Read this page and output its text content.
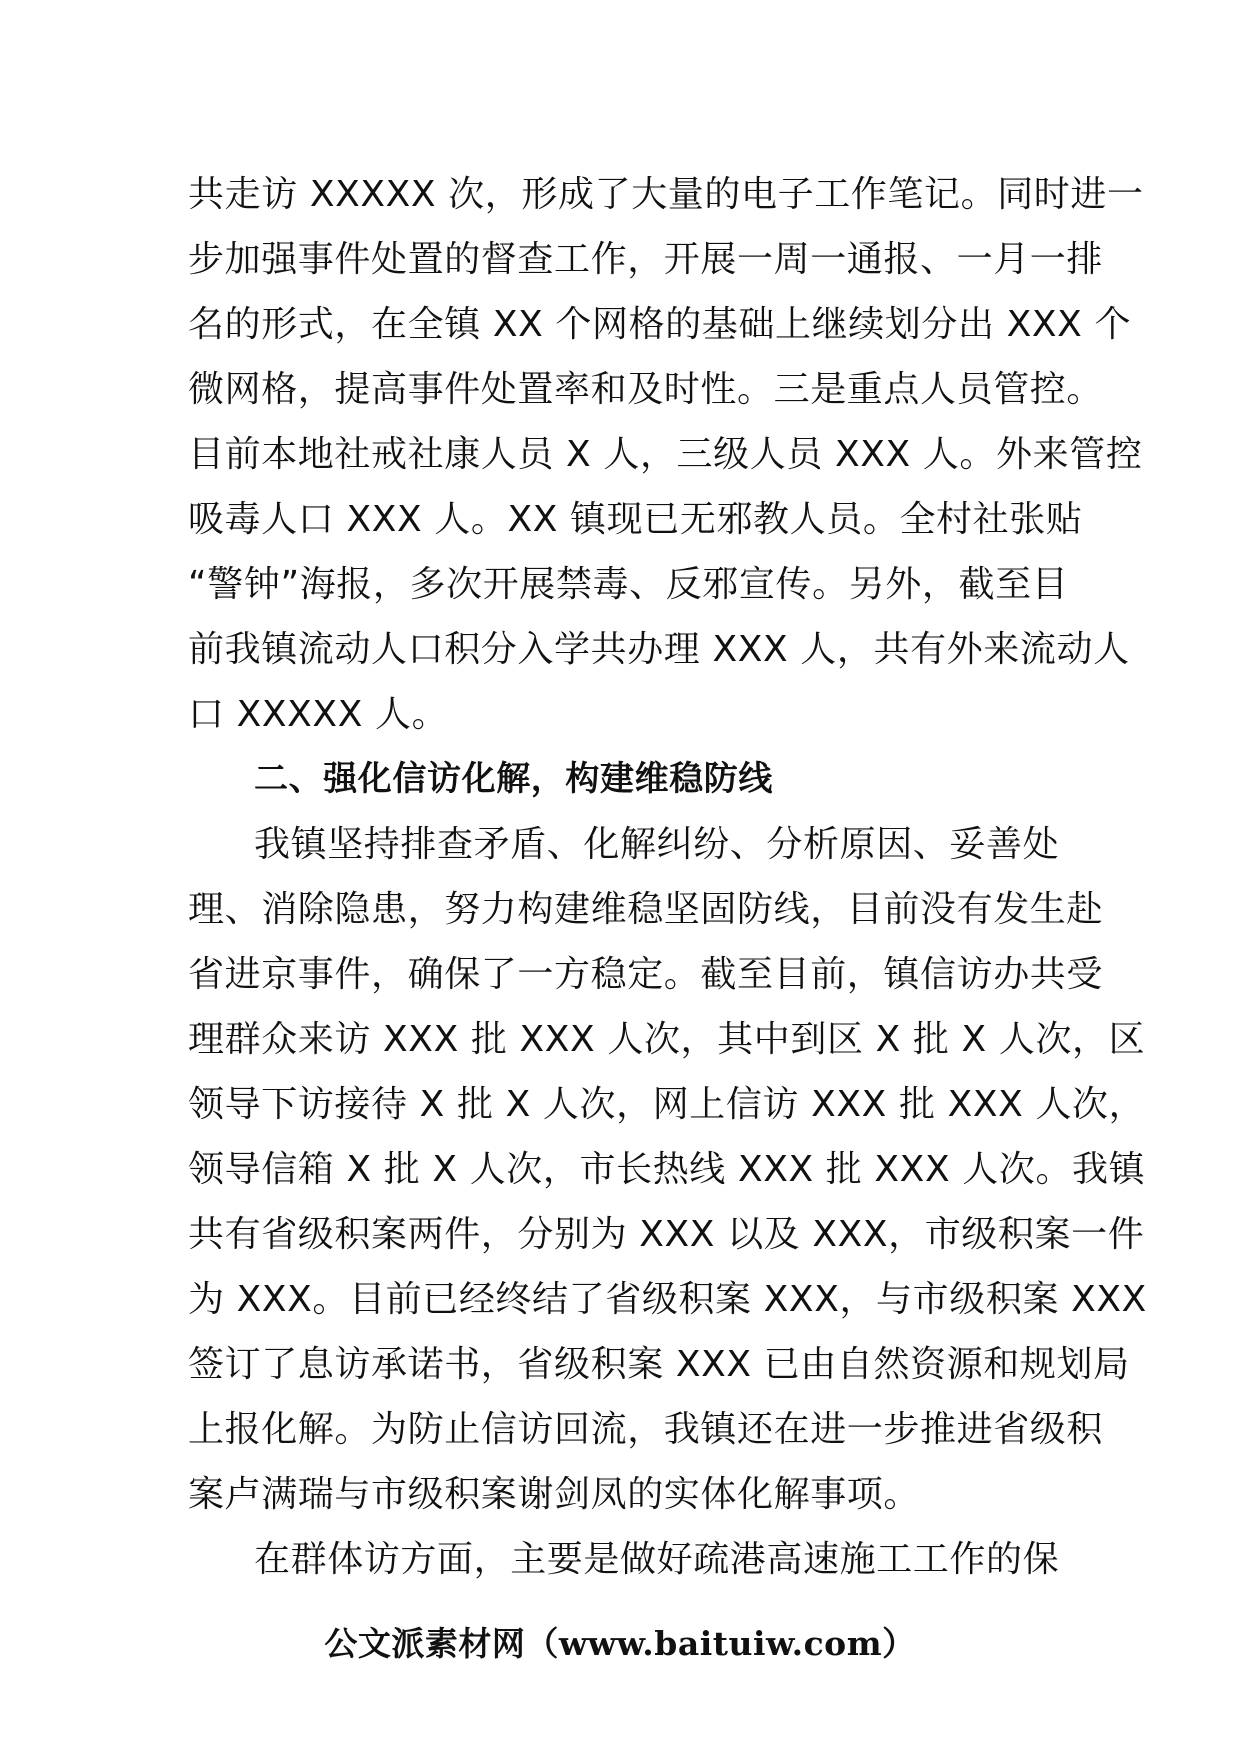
共走访 XXXXX 次，形成了大量的电子工作笔记。同时进一
步加强事件处置的督查工作，开展一周一通报、一月一排
名的形式，在全镇 XX 个网格的基础上继续划分出 XXX 个
微网格，提高事件处置率和及时性。三是重点人员管控。
目前本地社戒社康人员 X 人，三级人员 XXX 人。外来管控
吸毒人口 XXX 人。XX 镇现已无邪教人员。全村社张贴
“警钟”海报，多次开展禁毒、反邪宣传。另外，截至目
前我镇流动人口积分入学共办理 XXX 人，共有外来流动人
口 XXXXX 人。
二、强化信访化解，构建维稳防线
我镇坚持排查矛盾、化解纠纷、分析原因、妥善处
理、消除隐患，努力构建维稳坚固防线，目前没有发生赴
省进京事件，确保了一方稳定。截至目前，镇信访办共受
理群众来访 XXX 批 XXX 人次，其中到区 X 批 X 人次，区
领导下访接待 X 批 X 人次，网上信访 XXX 批 XXX 人次，
领导信箱 X 批 X 人次，市长热线 XXX 批 XXX 人次。我镇
共有省级积案两件，分别为 XXX 以及 XXX，市级积案一件
为 XXX。目前已经终结了省级积案 XXX，与市级积案 XXX
签订了息访承诺书，省级积案 XXX 已由自然资源和规划局
上报化解。为防止信访回流，我镇还在进一步推进省级积
案卢满瑞与市级积案谢剑凤的实体化解事项。
在群体访方面，主要是做好疏港高速施工工作的保
公文派素材网（www.baituiw.com）
